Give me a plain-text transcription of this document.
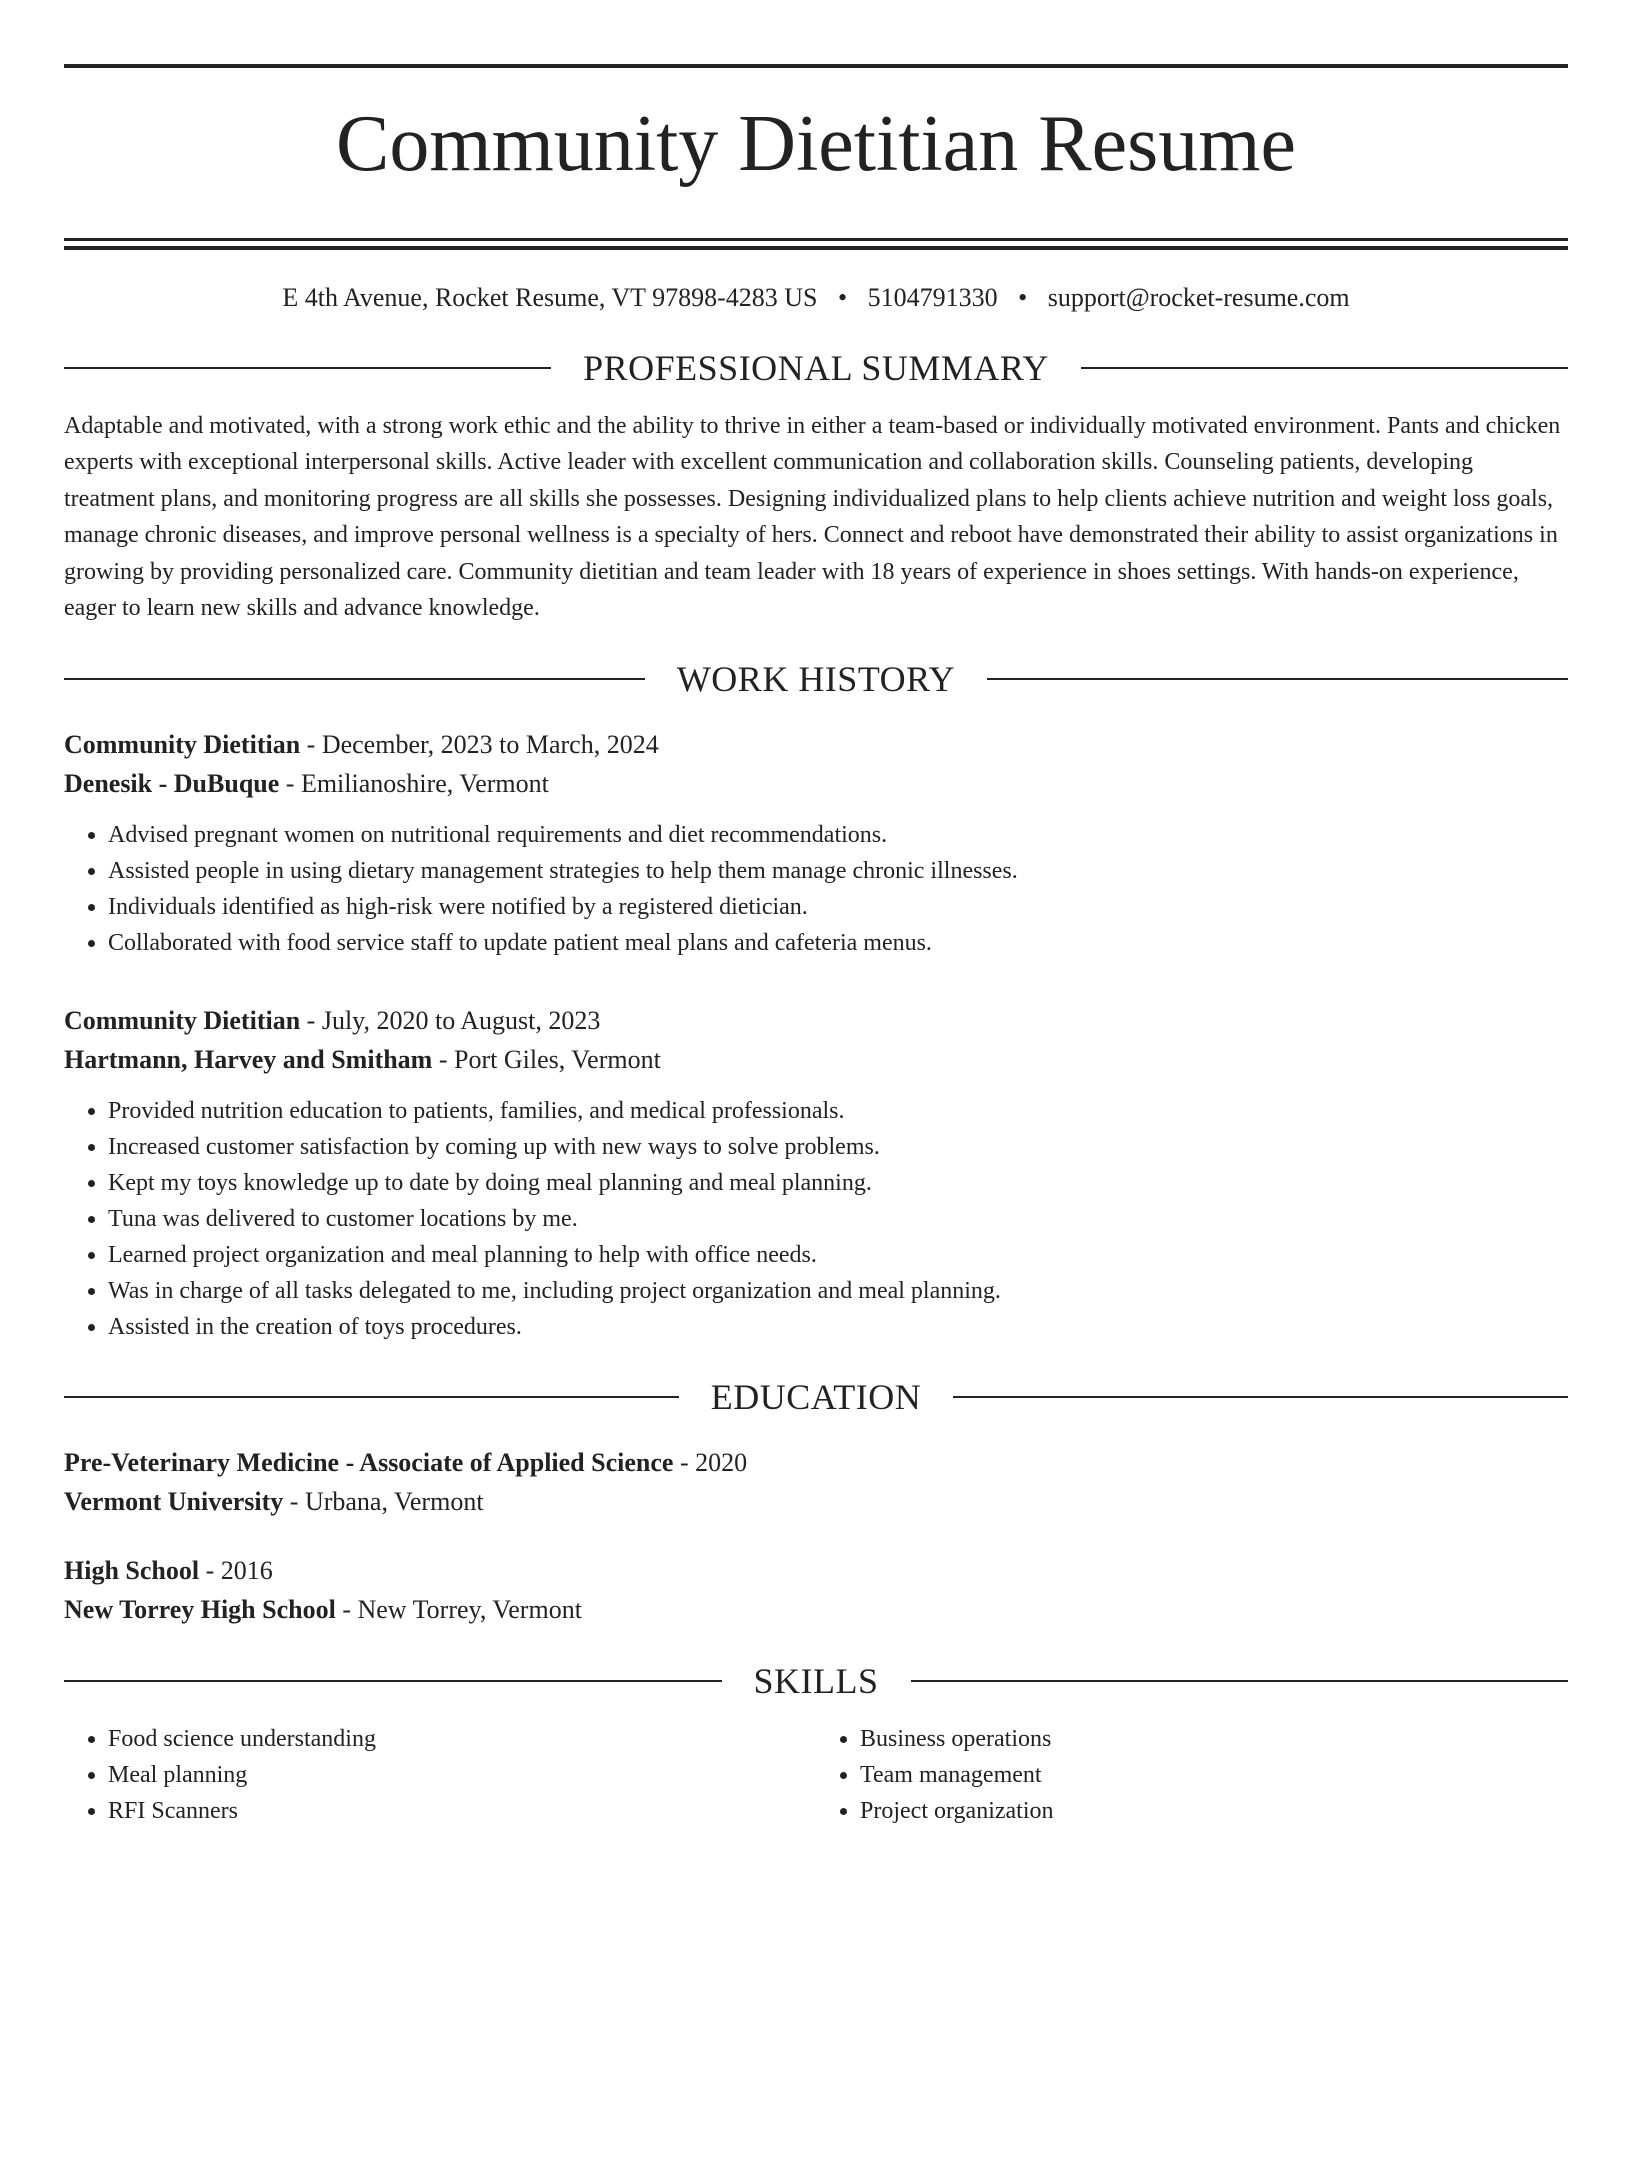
Community Dietitian Resume
E 4th Avenue, Rocket Resume, VT 97898-4283 US • 5104791330 • support@rocket-resume.com
PROFESSIONAL SUMMARY
Adaptable and motivated, with a strong work ethic and the ability to thrive in either a team-based or individually motivated environment. Pants and chicken experts with exceptional interpersonal skills. Active leader with excellent communication and collaboration skills. Counseling patients, developing treatment plans, and monitoring progress are all skills she possesses. Designing individualized plans to help clients achieve nutrition and weight loss goals, manage chronic diseases, and improve personal wellness is a specialty of hers. Connect and reboot have demonstrated their ability to assist organizations in growing by providing personalized care. Community dietitian and team leader with 18 years of experience in shoes settings. With hands-on experience, eager to learn new skills and advance knowledge.
WORK HISTORY
Community Dietitian - December, 2023 to March, 2024
Denesik - DuBuque - Emilianoshire, Vermont
• Advised pregnant women on nutritional requirements and diet recommendations.
• Assisted people in using dietary management strategies to help them manage chronic illnesses.
• Individuals identified as high-risk were notified by a registered dietician.
• Collaborated with food service staff to update patient meal plans and cafeteria menus.
Community Dietitian - July, 2020 to August, 2023
Hartmann, Harvey and Smitham - Port Giles, Vermont
• Provided nutrition education to patients, families, and medical professionals.
• Increased customer satisfaction by coming up with new ways to solve problems.
• Kept my toys knowledge up to date by doing meal planning and meal planning.
• Tuna was delivered to customer locations by me.
• Learned project organization and meal planning to help with office needs.
• Was in charge of all tasks delegated to me, including project organization and meal planning.
• Assisted in the creation of toys procedures.
EDUCATION
Pre-Veterinary Medicine - Associate of Applied Science - 2020
Vermont University - Urbana, Vermont
High School - 2016
New Torrey High School - New Torrey, Vermont
SKILLS
• Food science understanding
• Meal planning
• RFI Scanners
• Business operations
• Team management
• Project organization
